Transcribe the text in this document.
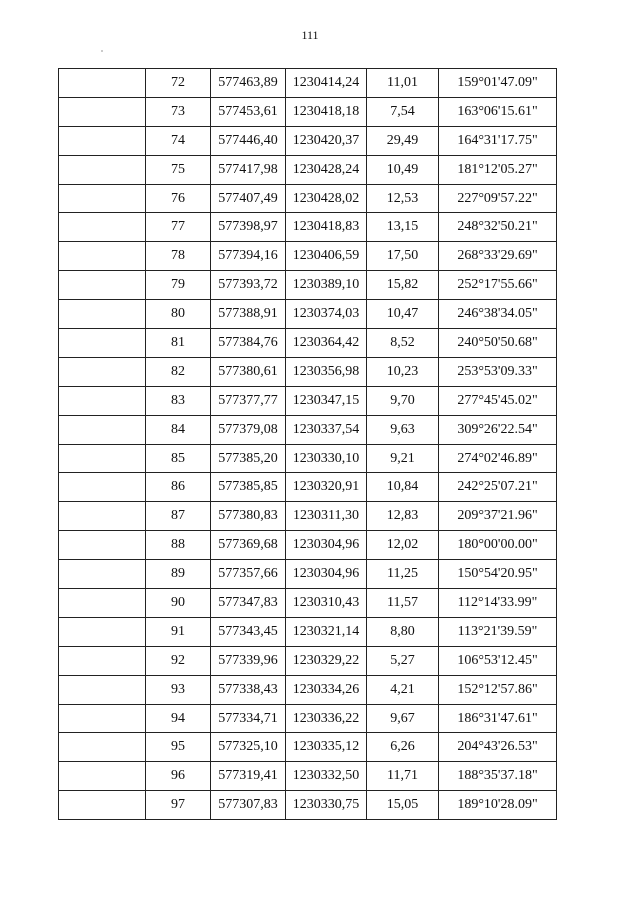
111
	72	577463,89	1230414,24	11,01	159°01'47.09"
	73	577453,61	1230418,18	7,54	163°06'15.61"
	74	577446,40	1230420,37	29,49	164°31'17.75"
	75	577417,98	1230428,24	10,49	181°12'05.27"
	76	577407,49	1230428,02	12,53	227°09'57.22"
	77	577398,97	1230418,83	13,15	248°32'50.21"
	78	577394,16	1230406,59	17,50	268°33'29.69"
	79	577393,72	1230389,10	15,82	252°17'55.66"
	80	577388,91	1230374,03	10,47	246°38'34.05"
	81	577384,76	1230364,42	8,52	240°50'50.68"
	82	577380,61	1230356,98	10,23	253°53'09.33"
	83	577377,77	1230347,15	9,70	277°45'45.02"
	84	577379,08	1230337,54	9,63	309°26'22.54"
	85	577385,20	1230330,10	9,21	274°02'46.89"
	86	577385,85	1230320,91	10,84	242°25'07.21"
	87	577380,83	1230311,30	12,83	209°37'21.96"
	88	577369,68	1230304,96	12,02	180°00'00.00"
	89	577357,66	1230304,96	11,25	150°54'20.95"
	90	577347,83	1230310,43	11,57	112°14'33.99"
	91	577343,45	1230321,14	8,80	113°21'39.59"
	92	577339,96	1230329,22	5,27	106°53'12.45"
	93	577338,43	1230334,26	4,21	152°12'57.86"
	94	577334,71	1230336,22	9,67	186°31'47.61"
	95	577325,10	1230335,12	6,26	204°43'26.53"
	96	577319,41	1230332,50	11,71	188°35'37.18"
	97	577307,83	1230330,75	15,05	189°10'28.09"
